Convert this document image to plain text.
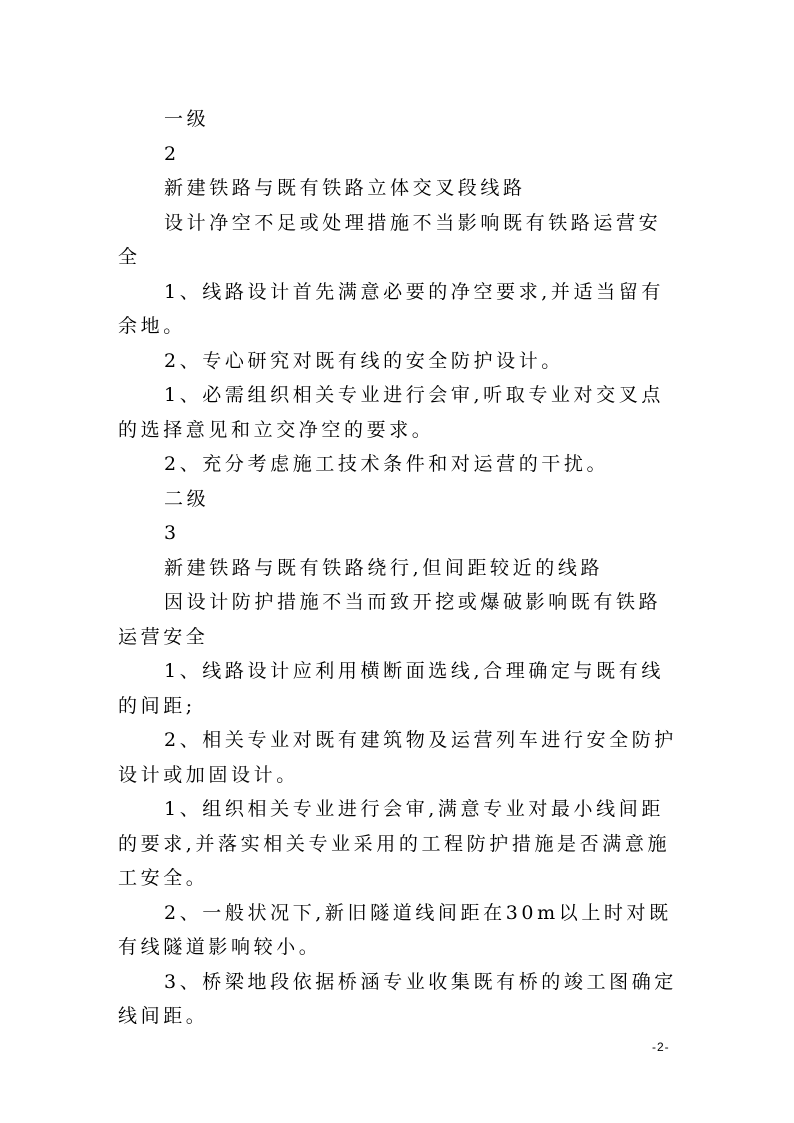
一级

2

新建铁路与既有铁路立体交叉段线路

设计净空不足或处理措施不当影响既有铁路运营安全

1、线路设计首先满意必要的净空要求,并适当留有余地。

2、专心研究对既有线的安全防护设计。

1、必需组织相关专业进行会审,听取专业对交叉点的选择意见和立交净空的要求。

2、充分考虑施工技术条件和对运营的干扰。

二级

3

新建铁路与既有铁路绕行,但间距较近的线路

因设计防护措施不当而致开挖或爆破影响既有铁路运营安全

1、线路设计应利用横断面选线,合理确定与既有线的间距;

2、相关专业对既有建筑物及运营列车进行安全防护设计或加固设计。

1、组织相关专业进行会审,满意专业对最小线间距的要求,并落实相关专业采用的工程防护措施是否满意施工安全。

2、一般状况下,新旧隧道线间距在30m以上时对既有线隧道影响较小。

3、桥梁地段依据桥涵专业收集既有桥的竣工图确定线间距。

-2-
